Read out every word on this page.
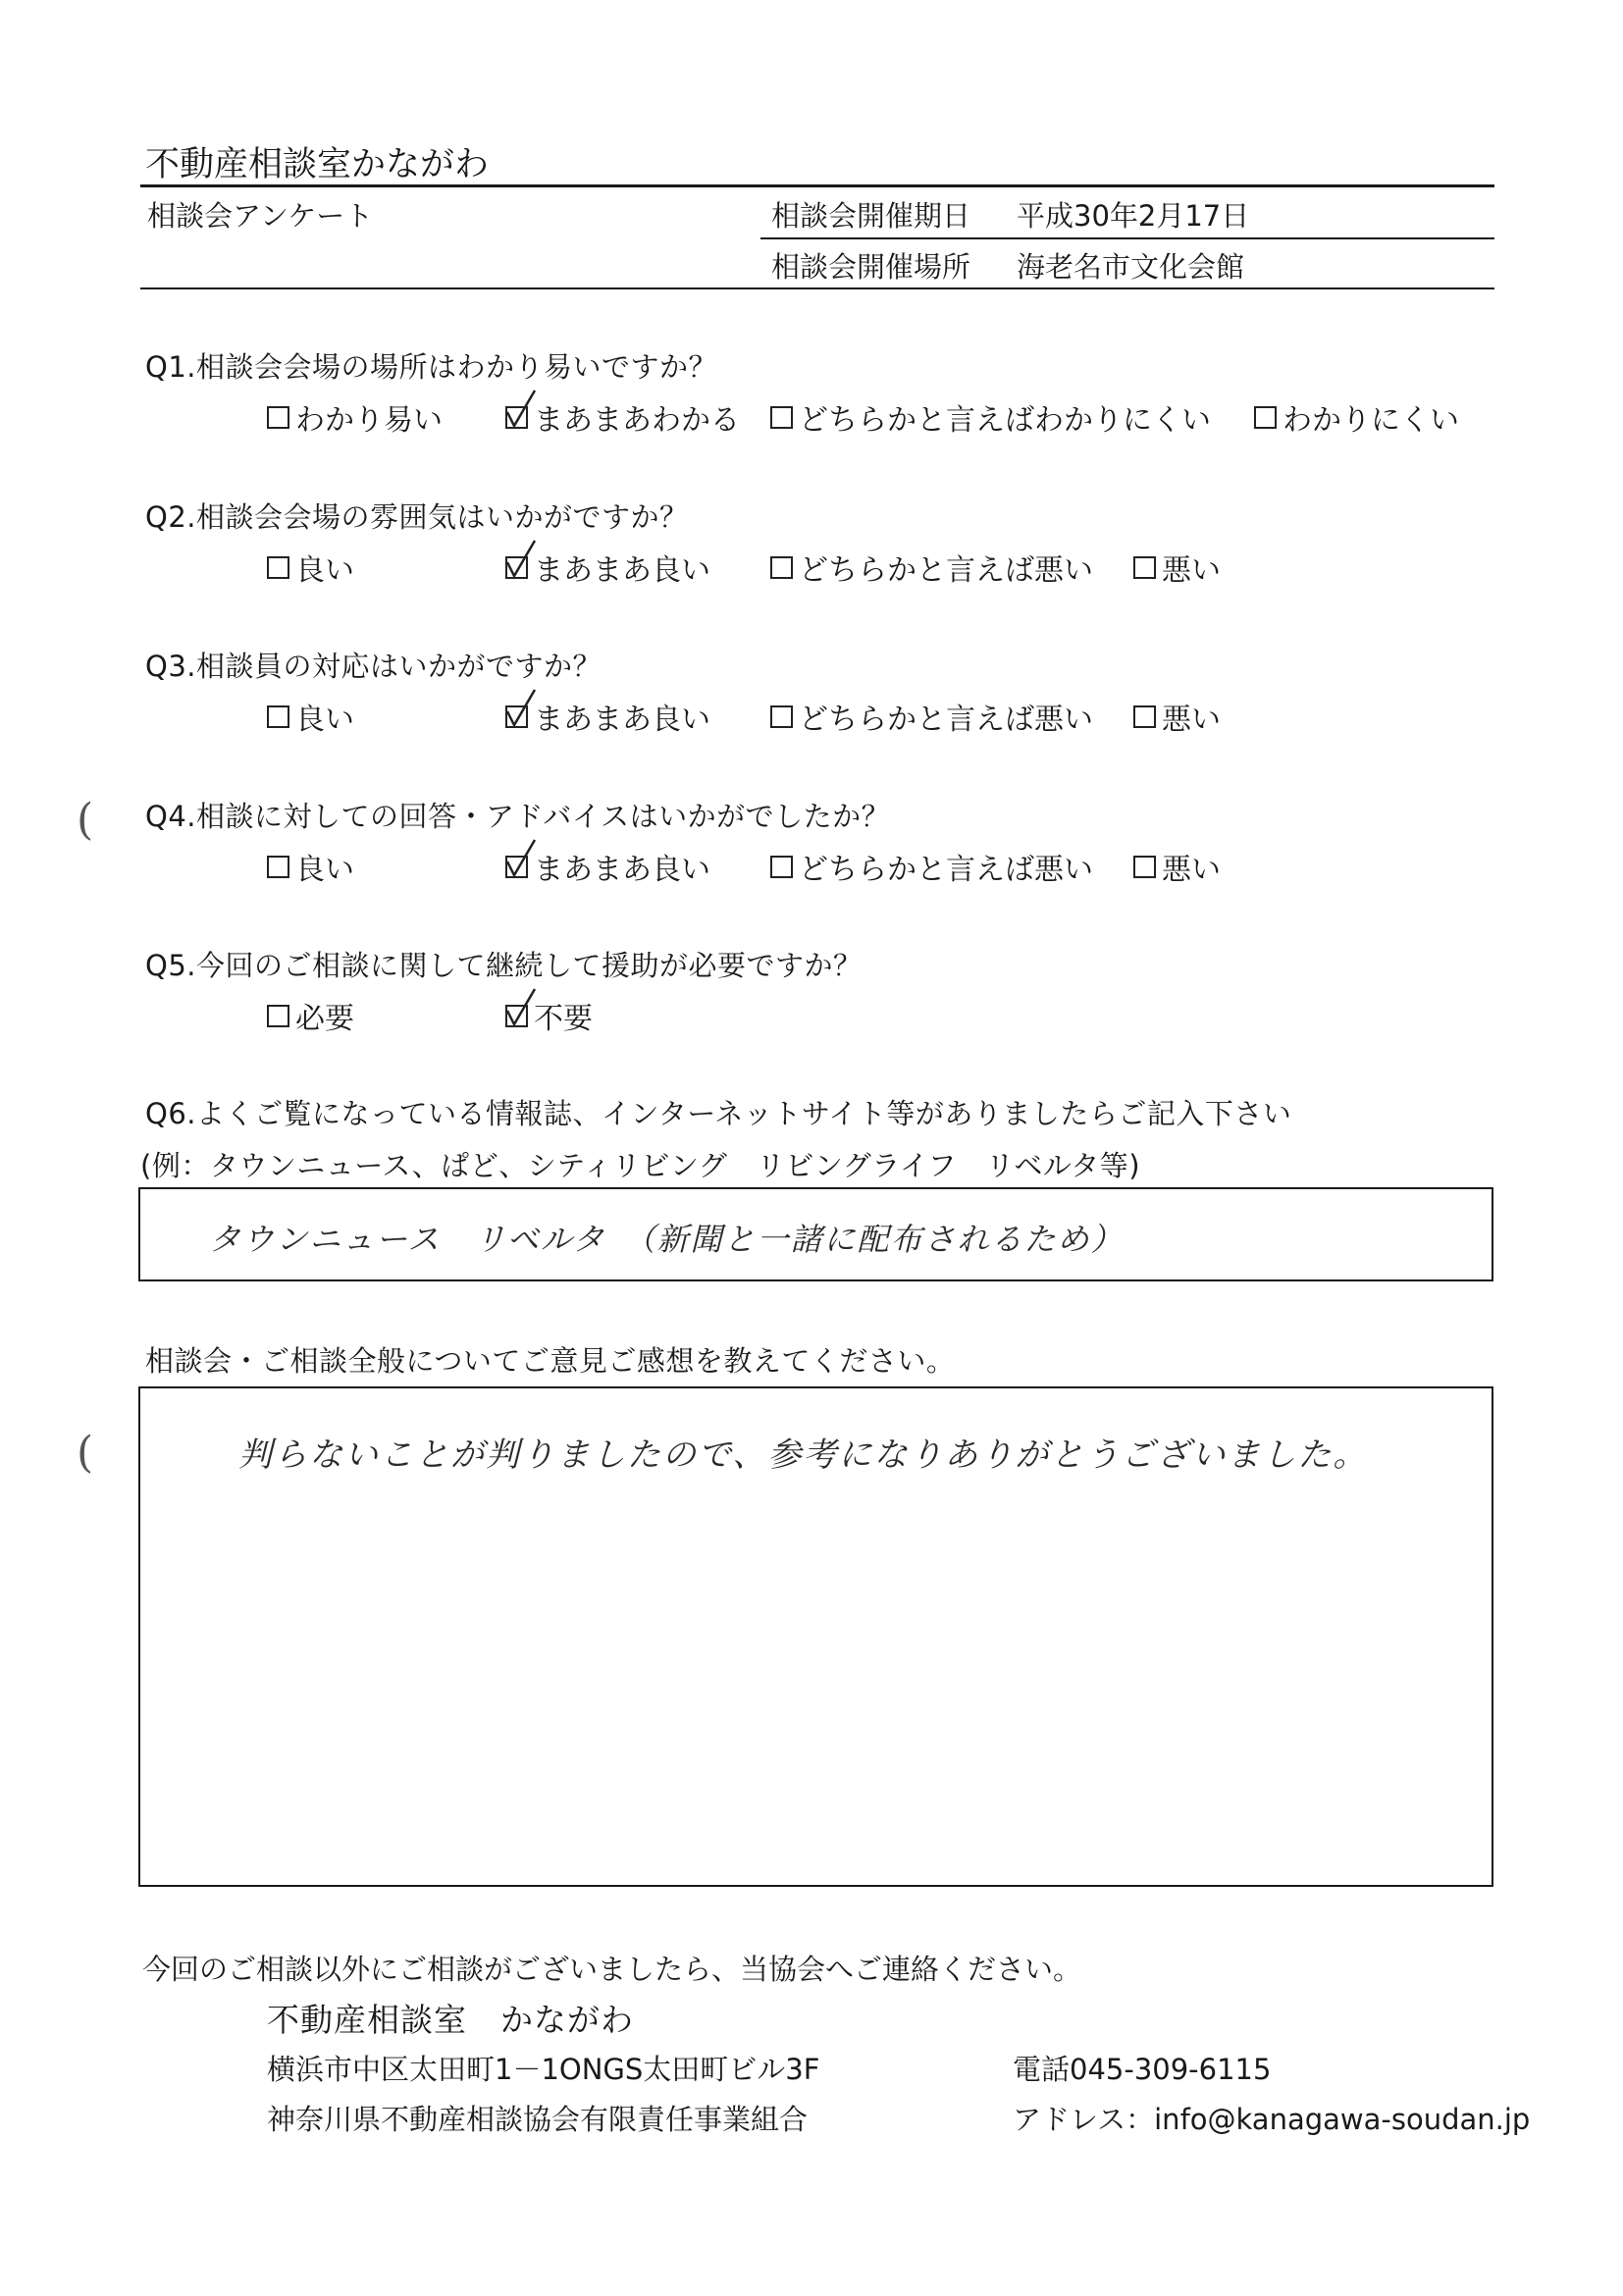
不動産相談室かながわ
相談会アンケート	相談会開催期日 平成30年2月17日
相談会開催場所 海老名市文化会館
Q1.相談会会場の場所はわかり易いですか？
わかり易い	まあまあわかる どちらかと言えばわかりにくい わかりにくい
Q2.相談会会場の雰囲気はいかがですか？
良い	まあまあ良い	どちらかと言えば悪い 悪い
Q3.相談員の対応はいかがですか？
良い	まあまあ良い	どちらかと言えば悪い 悪い
Q4.相談に対しての回答・アドバイスはいかがでしたか？
良い	まあまあ良い	どちらかと言えば悪い 悪い
Q5.今回のご相談に関して継続して援助が必要ですか？
必要	不要
Q6.よくご覧になっている情報誌、インターネットサイト等がありましたらご記入下さい
(例：タウンニュース、ぱど、シティリビング　リビングライフ　リベルタ等)
タウンニュース　リベルタ　（新聞と一諸に配布されるため）
相談会・ご相談全般についてご意見ご感想を教えてください。
判らないことが判りましたので、参考になりありがとうございました。
今回のご相談以外にご相談がございましたら、当協会へご連絡ください。
不動産相談室　かながわ
横浜市中区太田町1－1ONGS太田町ビル3F	電話045-309-6115
神奈川県不動産相談協会有限責任事業組合	アドレス：info@kanagawa-soudan.jp
(
(
